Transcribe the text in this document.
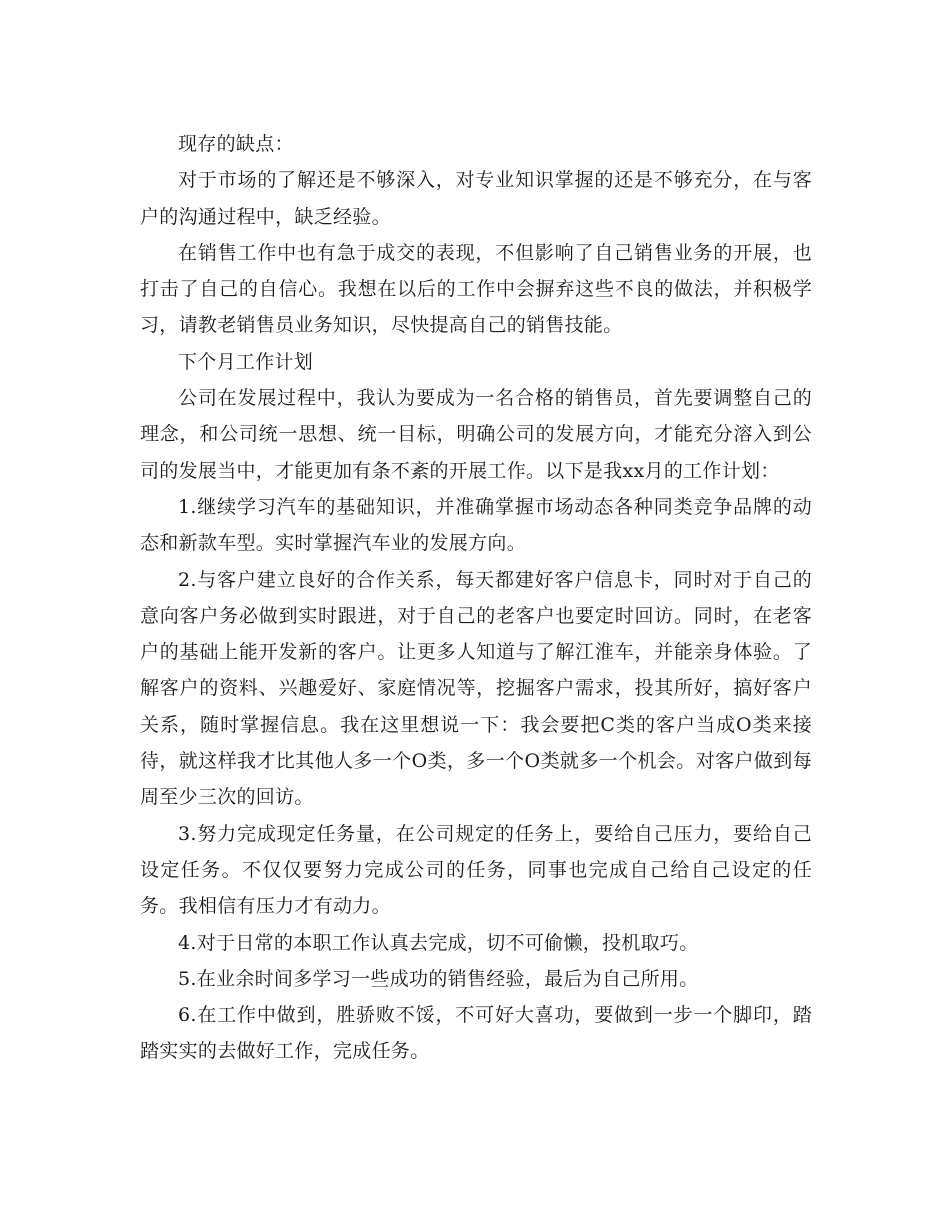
现存的缺点：

对于市场的了解还是不够深入，对专业知识掌握的还是不够充分，在与客户的沟通过程中，缺乏经验。

在销售工作中也有急于成交的表现，不但影响了自己销售业务的开展，也打击了自己的自信心。我想在以后的工作中会摒弃这些不良的做法，并积极学习，请教老销售员业务知识，尽快提高自己的销售技能。

下个月工作计划

公司在发展过程中，我认为要成为一名合格的销售员，首先要调整自己的理念，和公司统一思想、统一目标，明确公司的发展方向，才能充分溶入到公司的发展当中，才能更加有条不紊的开展工作。以下是我xx月的工作计划：

1.继续学习汽车的基础知识，并准确掌握市场动态各种同类竞争品牌的动态和新款车型。实时掌握汽车业的发展方向。

2.与客户建立良好的合作关系，每天都建好客户信息卡，同时对于自己的意向客户务必做到实时跟进，对于自己的老客户也要定时回访。同时，在老客户的基础上能开发新的客户。让更多人知道与了解江淮车，并能亲身体验。了解客户的资料、兴趣爱好、家庭情况等，挖掘客户需求，投其所好，搞好客户关系，随时掌握信息。我在这里想说一下：我会要把C类的客户当成O类来接待，就这样我才比其他人多一个O类，多一个O类就多一个机会。对客户做到每周至少三次的回访。

3.努力完成现定任务量，在公司规定的任务上，要给自己压力，要给自己设定任务。不仅仅要努力完成公司的任务，同事也完成自己给自己设定的任务。我相信有压力才有动力。

4.对于日常的本职工作认真去完成，切不可偷懒，投机取巧。

5.在业余时间多学习一些成功的销售经验，最后为自己所用。

6.在工作中做到，胜骄败不馁，不可好大喜功，要做到一步一个脚印，踏踏实实的去做好工作，完成任务。
